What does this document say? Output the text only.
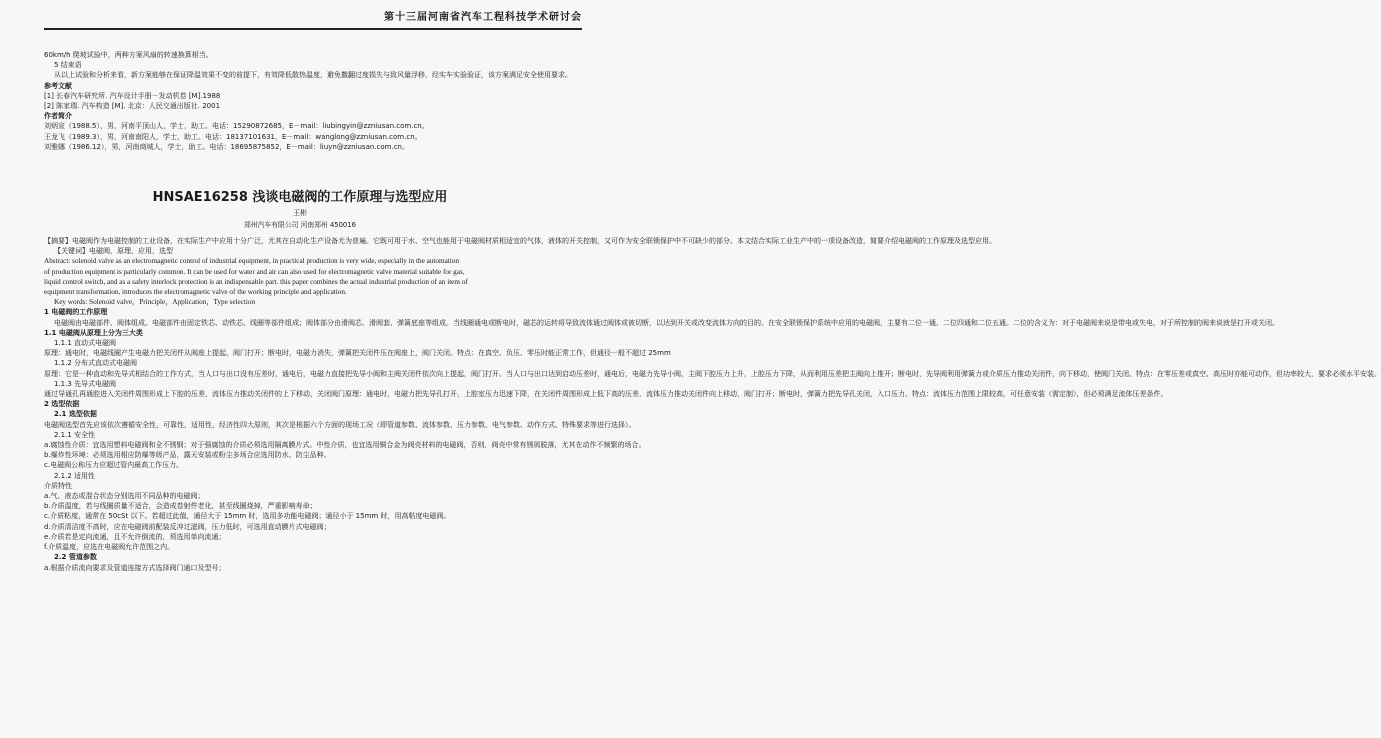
第十三届河南省汽车工程科技学术研讨会
60km/h 爬坡试验中，两种方案风扇的转速换算相当。
5 结束语
从以上试验和分析来看，新方案能够在保证降温效果不变的前提下，有效降低散热温度，避免撒翻过度损失与致风量浮移，经实车实验验证，该方案满足安全使用要求。
参考文献
[1] 长春汽车研究所. 汽车设计手册－发动机卷 [M].1988
[2] 陈家瑞. 汽车构造 [M]. 北京：人民交通出版社. 2001
作者简介
刘炳宣（1988.5），男，河南平顶山人，学士，助工。电话：15290872685，E－mail：liubingyin@zzniusan.com.cn。
王龙飞（1989.3），男，河南南阳人，学士，助工。电话：18137101631，E－mail：wanglong@zzniusan.com.cn。
刘雅娜（1986.12），男，河南商城人，学士，助工。电话：18695875852，E－mail：liuyn@zzniusan.com.cn。
HNSAE16258 浅谈电磁阀的工作原理与选型应用
王彬
郑州汽车有限公司 河南郑州 450016
【摘要】电磁阀作为电磁控制的工业设备，在实际生产中应用十分广泛，尤其在自动化生产设备尤为普遍。它既可用于水、空气也能用于电磁阀材质相适宜的气体，液体的开关控制，又可作为安全联锁保护中不可缺少的部分。本文结合实际工业生产中的一项设备改造，简要介绍电磁阀的工作原理及选型应用。
【关键词】电磁阀，原理，应用，选型
Abstract: solenoid valve as an electromagnetic control of industrial equipment, in practical production is very wide, especially in the automation
of production equipment is particularly common. It can be used for water and air can also used for electromagnetic valve material suitable for gas,
liquid control switch, and as a safety interlock protection is an indispensable part. this paper combines the actual industrial production of an item of
equipment transformation, introduces the electromagnetic valve of the working principle and application.
Key words: Solenoid valve，Principle，Application，Type selection
1 电磁阀的工作原理
电磁阀由电磁部件、阀体组成。电磁部件由固定铁芯、动铁芯、线圈等部件组成；阀体部分由滑阀芯、滑阀套、弹簧底座等组成。当线圈通电或断电时，磁芯的运转将导致流体通过阀体或被切断，以达到开关或改变流体方向的目的。在安全联锁保护系统中应用的电磁阀，主要有二位一通、二位四通和二位五通。二位的含义为：对于电磁阀来说是带电或失电，对于所控制的阀来说就是打开或关闭。
1.1 电磁阀从原理上分为三大类
1.1.1 直动式电磁阀
原理：通电时，电磁线圈产生电磁力把关闭件从阀座上提起，阀门打开；断电时，电磁力消失，弹簧把关闭件压在阀座上，阀门关闭。特点：在真空、负压、零压时能正常工作，但通径一般不超过 25mm
1.1.2 分布式直动式电磁阀
原理：它是一种直动和先导式相结合的工作方式，当人口与出口没有压差时，通电后，电磁力直接把先导小阀和主阀关闭件依次向上提起，阀门打开。当人口与出口达到启动压差时，通电后，电磁力先导小阀，主阀下腔压力上升，上腔压力下降，从而利用压差把主阀向上推开；断电时，先导阀利用弹簧力或介质压力推动关闭件，向下移动，使阀门关闭。特点：在零压差或真空、高压时亦能可动作，但功率较大，要求必须水平安装。
1.1.3 先导式电磁阀
通过导通孔再通腔进入关闭件周围形成上下腔的压差，流体压力推动关闭件的上下移动，关闭阀门原理：通电时，电磁力把先导孔打开，上腔室压力迅速下降，在关闭件周围形成上低下高的压差，流体压力推动关闭件向上移动，阀门打开；断电时，弹簧力把先导孔关闭，入口压力。特点：流体压力范围上限较高，可任意安装（需定制），但必须满足流体压差条件。
2 选型依据
2.1 选型依据
电磁阀选型首先应该依次遵循安全性，可靠性，适用性，经济性四大原则，其次是根据六个方面的现场工况（即管道参数、流体参数、压力参数、电气参数、动作方式、特殊要求等进行选择）。
2.1.1 安全性
a.腐蚀性介质：宜选用塑料电磁阀和全不锈钢；对于强腐蚀的介质必须选用隔离膜片式。中性介质，也宜选用铜合金为阀壳材料的电磁阀，否则，阀壳中常有锈屑脱落，尤其在动作不频繁的场合。
b.爆炸性环境：必须选用相应防爆等级产品，露天安装或粉尘多场合应选用防水、防尘品种。
c.电磁阀公称压力应超过管内最高工作压力。
2.1.2 适用性
介质特性
a.气、液态或混合状态分别选用不同品种的电磁阀；
b.介质温度，若与线圈质量不适合，会造成卷射件老化，甚至线圈烧掉，严重影响寿命；
c.介质粘度，通常在 50cSt 以下。若超过此值，通径大于 15mm 时，选用多功能电磁阀；通径小于 15mm 时，用高粘度电磁阀。
d.介质清洁度不高时，应在电磁阀前配装反冲过滤阀，压力低时，可选用直动膜片式电磁阀；
e.介质若是定向流通，且不允许倒流的，须选用单向流通；
f.介质温度，应选在电磁阀允许范围之内。
2.2 管道参数
a.根据介质流向要求及管道连接方式选择阀门通口及型号；
